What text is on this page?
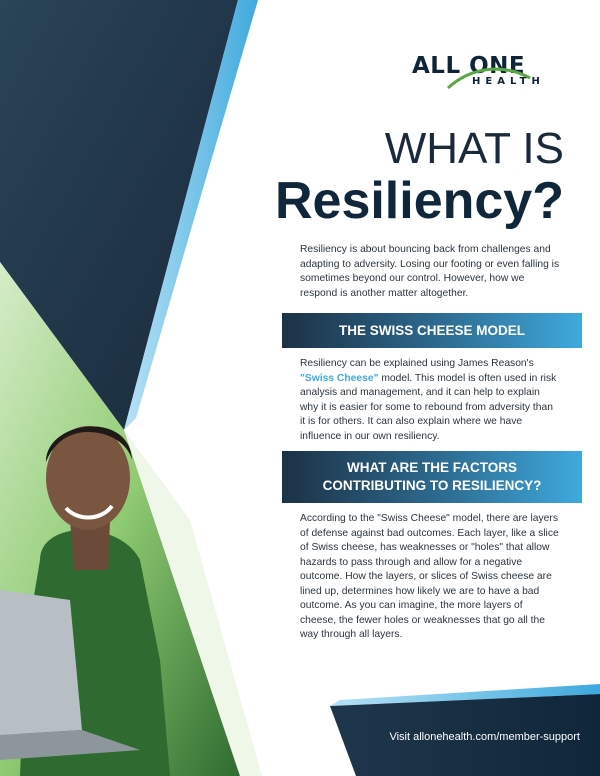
ALL ONE
HEALTH
WHAT IS
Resiliency?
Resiliency is about bouncing back from challenges and adapting to adversity. Losing our footing or even falling is sometimes beyond our control. However, how we respond is another matter altogether.
THE SWISS CHEESE MODEL
Resiliency can be explained using James Reason's "Swiss Cheese" model. This model is often used in risk analysis and management, and it can help to explain why it is easier for some to rebound from adversity than it is for others. It can also explain where we have influence in our own resiliency.
WHAT ARE THE FACTORS
CONTRIBUTING TO RESILIENCY?
According to the "Swiss Cheese" model, there are layers of defense against bad outcomes. Each layer, like a slice of Swiss cheese, has weaknesses or "holes" that allow hazards to pass through and allow for a negative outcome. How the layers, or slices of Swiss cheese are lined up, determines how likely we are to have a bad outcome. As you can imagine, the more layers of cheese, the fewer holes or weaknesses that go all the way through all layers.
Visit allonehealth.com/member-support
